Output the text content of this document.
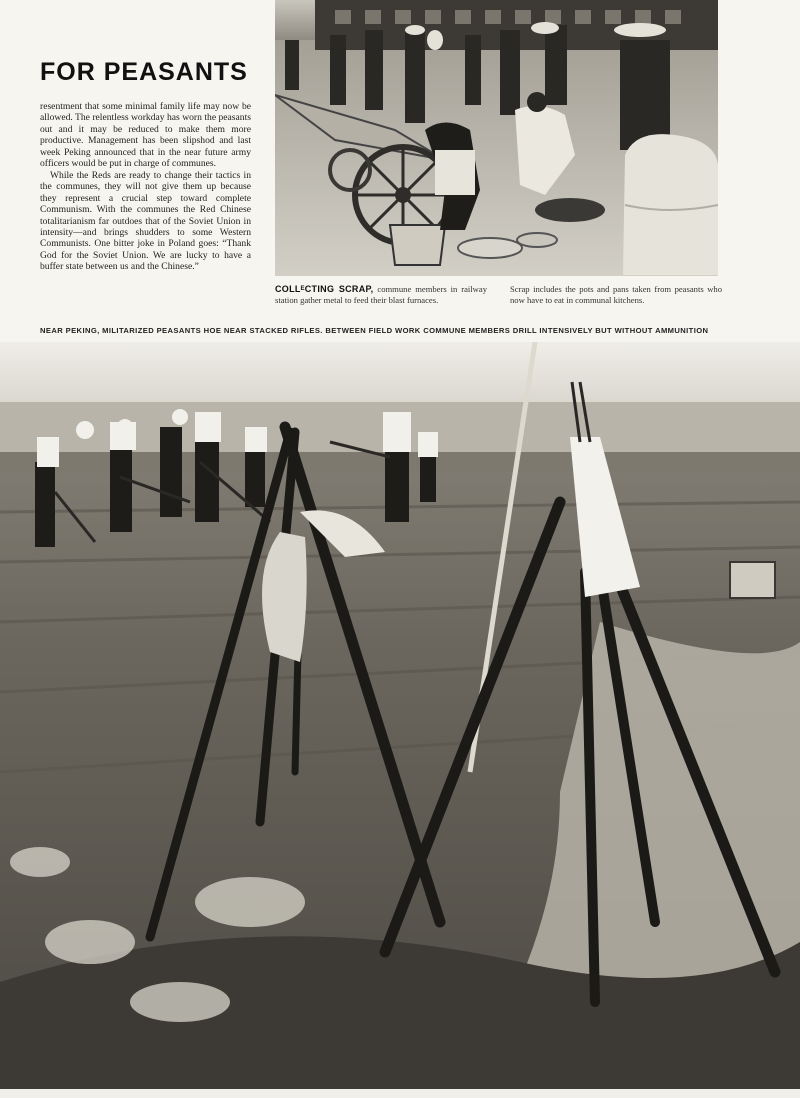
FOR PEASANTS

resentment that some minimal family life may now be allowed. The relentless workday has worn the peasants out and it may be reduced to make them more productive. Management has been slipshod and last week Peking announced that in the near future army officers would be put in charge of communes.

While the Reds are ready to change their tactics in the communes, they will not give them up because they represent a crucial step toward complete Communism. With the communes the Red Chinese totalitarianism far outdoes that of the Soviet Union in intensity—and brings shudders to some Western Communists. One bitter joke in Poland goes: “Thank God for the Soviet Union. We are lucky to have a buffer state between us and the Chinese.”

COLLᴱCTING SCRAP, commune members in railway station gather metal to feed their blast furnaces.
Scrap includes the pots and pans taken from peasants who now have to eat in communal kitchens.
NEAR PEKING, MILITARIZED PEASANTS HOE NEAR STACKED RIFLES. BETWEEN FIELD WORK COMMUNE MEMBERS DRILL INTENSIVELY BUT WITHOUT AMMUNITION
